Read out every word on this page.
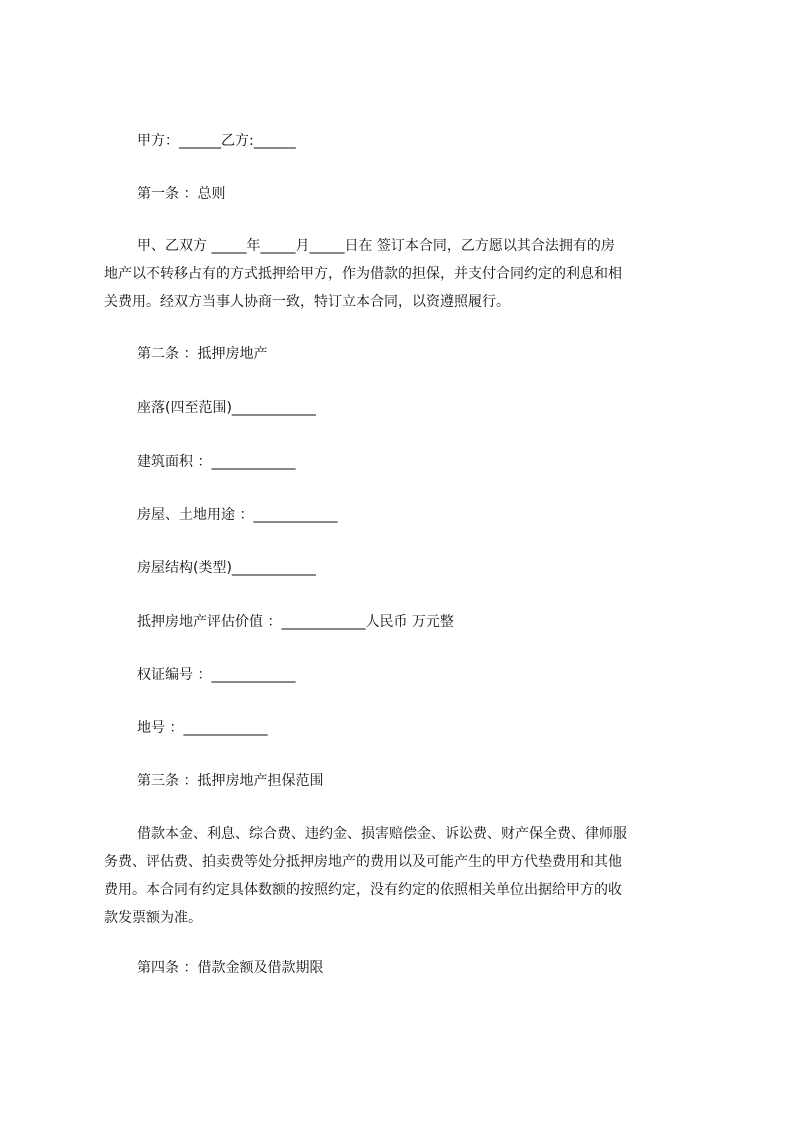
甲方：______乙方:______
第一条 ：总则
甲、乙双方 _____年_____月_____日在 签订本合同，乙方愿以其合法拥有的房
地产以不转移占有的方式抵押给甲方，作为借款的担保，并支付合同约定的利息和相
关费用。经双方当事人协商一致，特订立本合同，以资遵照履行。
第二条 ：抵押房地产
座落(四至范围)____________
建筑面积 ：____________
房屋、土地用途 ：____________
房屋结构(类型)____________
抵押房地产评估价值 ：____________人民币 万元整
权证编号 ：____________
地号 ：____________
第三条 ：抵押房地产担保范围
借款本金、利息、综合费、违约金、损害赔偿金、诉讼费、财产保全费、律师服
务费、评估费、拍卖费等处分抵押房地产的费用以及可能产生的甲方代垫费用和其他
费用。本合同有约定具体数额的按照约定，没有约定的依照相关单位出据给甲方的收
款发票额为准。
第四条 ：借款金额及借款期限
